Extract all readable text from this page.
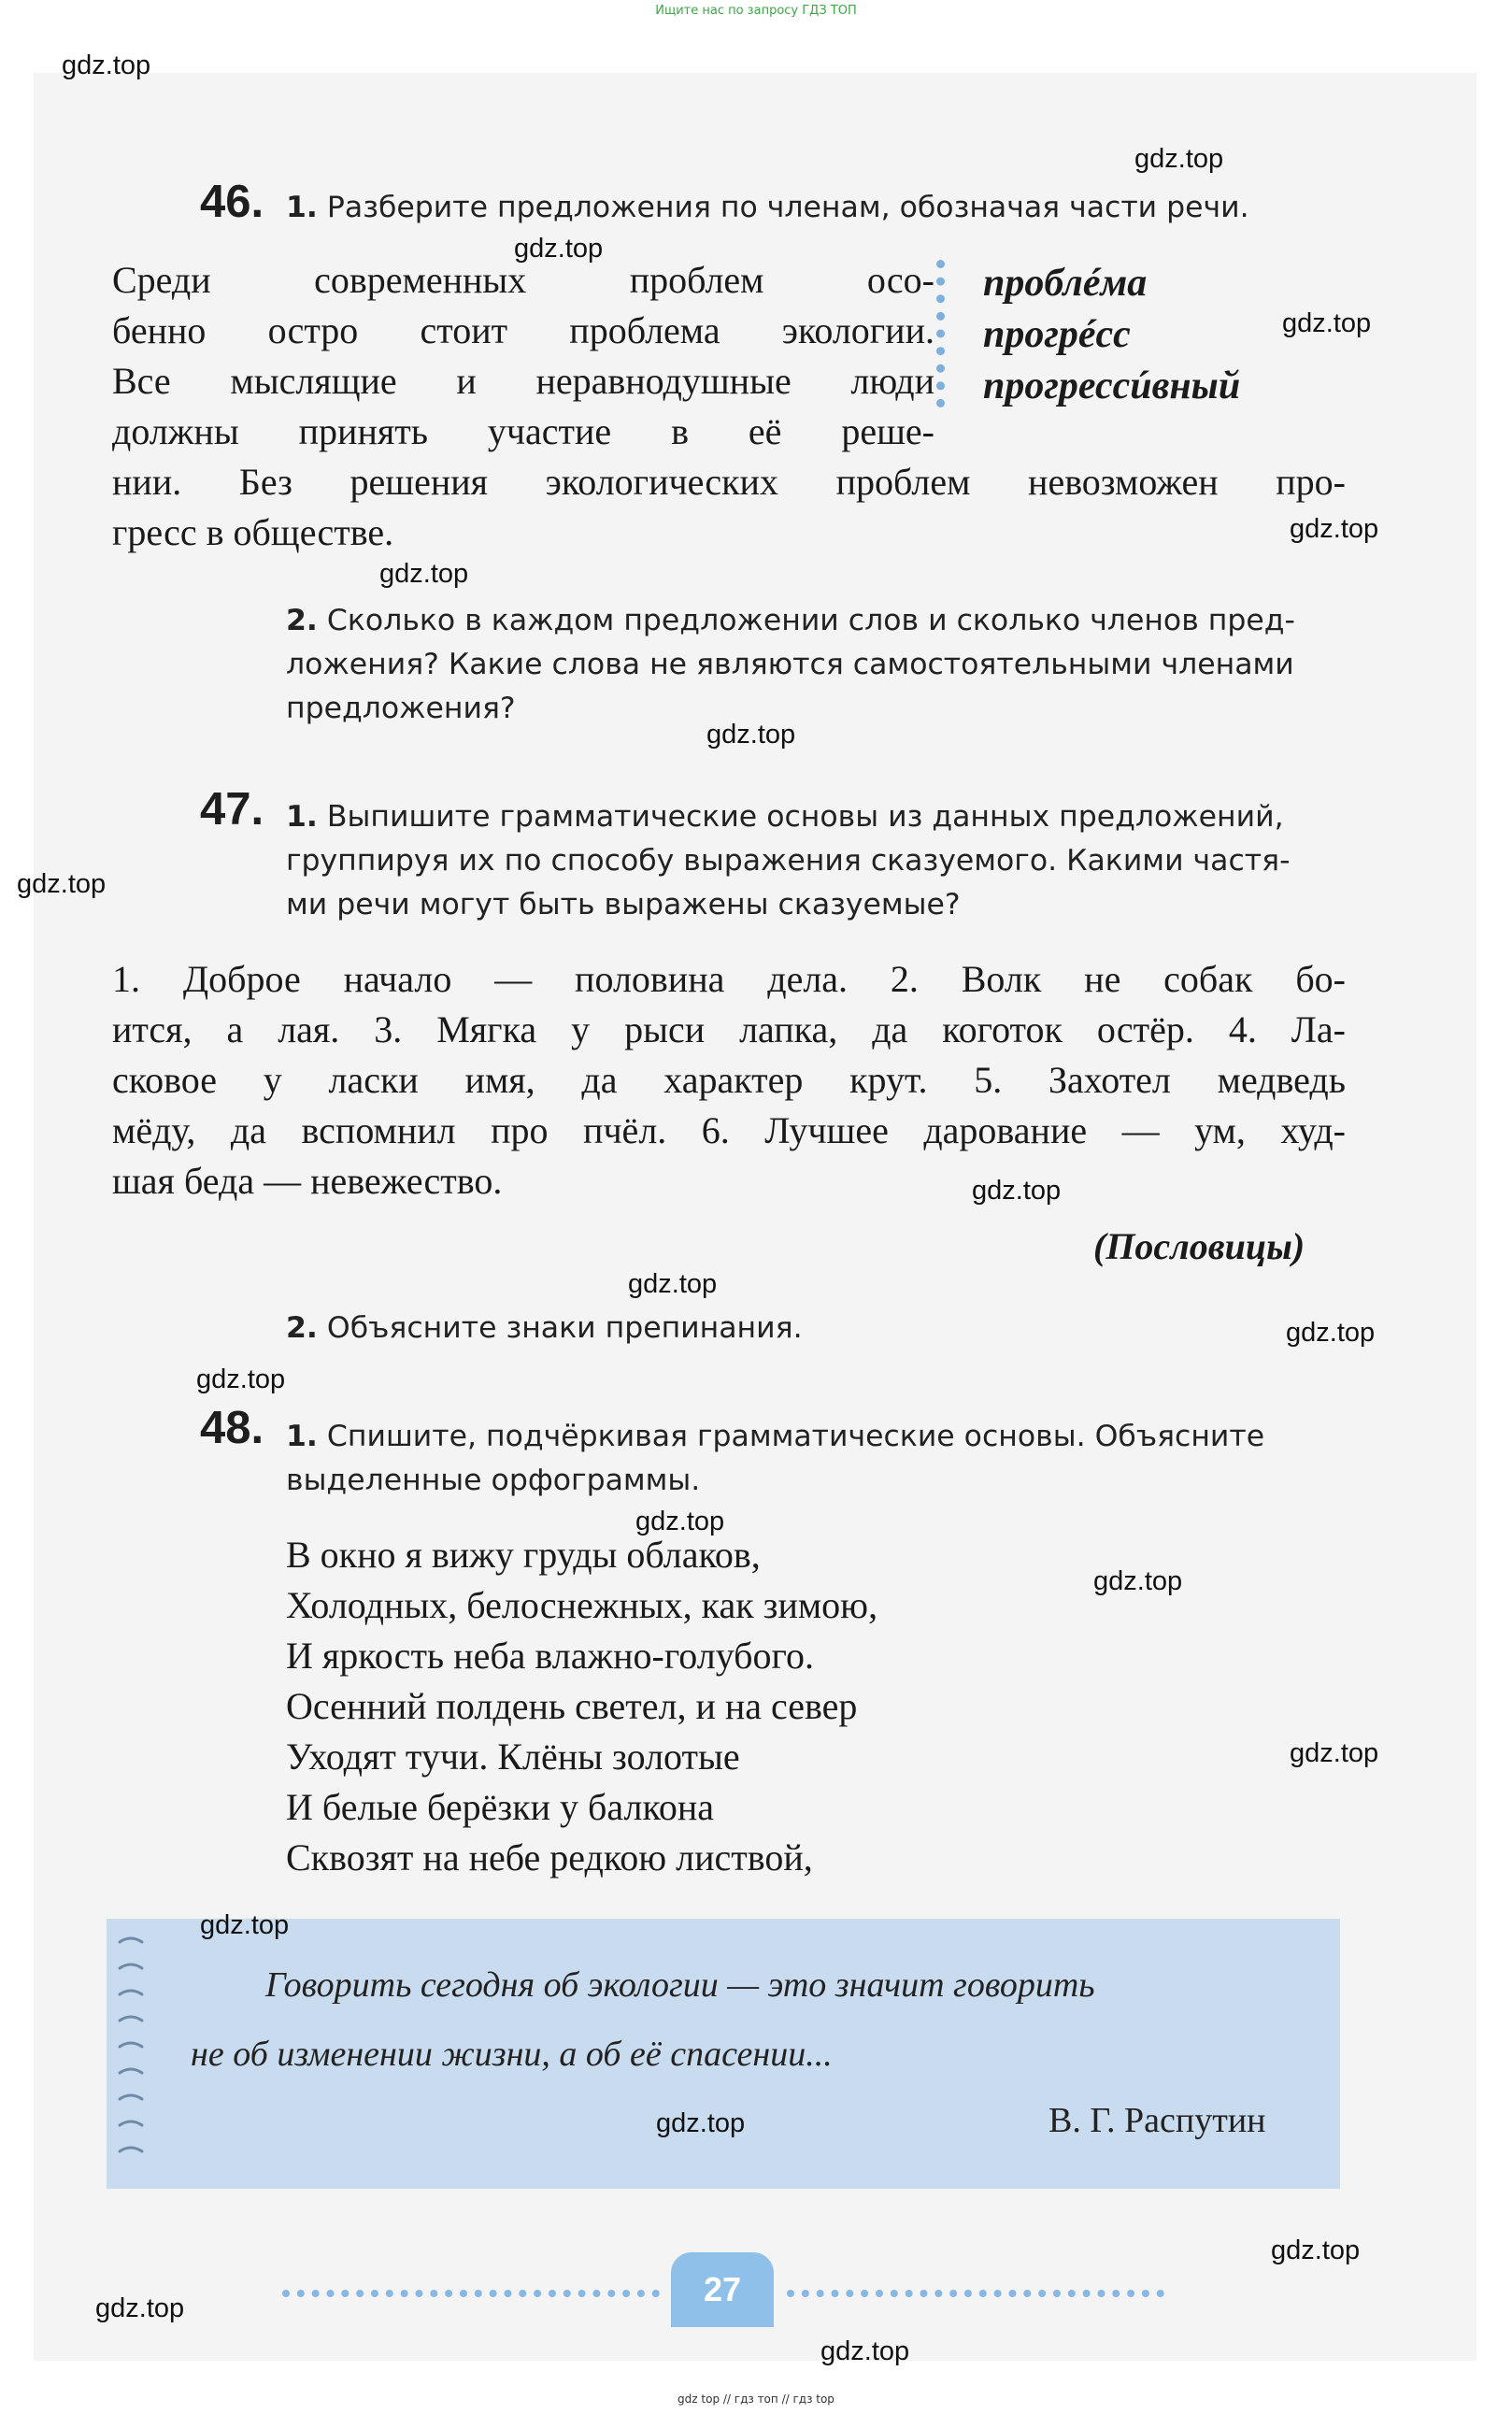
Ищите нас по запросу ГДЗ ТОП
46. 1. Разберите предложения по членам, обозначая части речи.
Среди современных проблем осо-
бенно остро стоит проблема экологии.
Все мыслящие и неравнодушные люди
должны принять участие в её реше-
нии. Без решения экологических проблем невозможен про-
гресс в обществе.
проблéма
прогрéсс
прогрессúвный
2. Сколько в каждом предложении слов и сколько членов пред-
ложения? Какие слова не являются самостоятельными членами
предложения?
47. 1. Выпишите грамматические основы из данных предложений,
группируя их по способу выражения сказуемого. Какими частя-
ми речи могут быть выражены сказуемые?
1. Доброе начало — половина дела. 2. Волк не собак бо-
ится, а лая. 3. Мягка у рыси лапка, да коготок остёр. 4. Ла-
сковое у ласки имя, да характер крут. 5. Захотел медведь
мёду, да вспомнил про пчёл. 6. Лучшее дарование — ум, худ-
шая беда — невежество.
(Пословицы)
2. Объясните знаки препинания.
48. 1. Спишите, подчёркивая грамматические основы. Объясните
выделенные орфограммы.
В окно я вижу груды облаков,
Холодных, белоснежных, как зимою,
И яркость неба влажно-голубого.
Осенний полдень светел, и на север
Уходят тучи. Клёны золотые
И белые берёзки у балкона
Сквозят на небе редкою листвой,
Говорить сегодня об экологии — это значит говорить
не об изменении жизни, а об её спасении...
В. Г. Распутин
27
gdz.top
gdz.top
gdz.top
gdz.top
gdz.top
gdz.top
gdz.top
gdz.top
gdz.top
gdz.top
gdz.top
gdz.top
gdz.top
gdz.top
gdz.top
gdz.top
gdz.top
gdz.top
gdz.top
gdz.top
gdz top // гдз топ // гдз top
